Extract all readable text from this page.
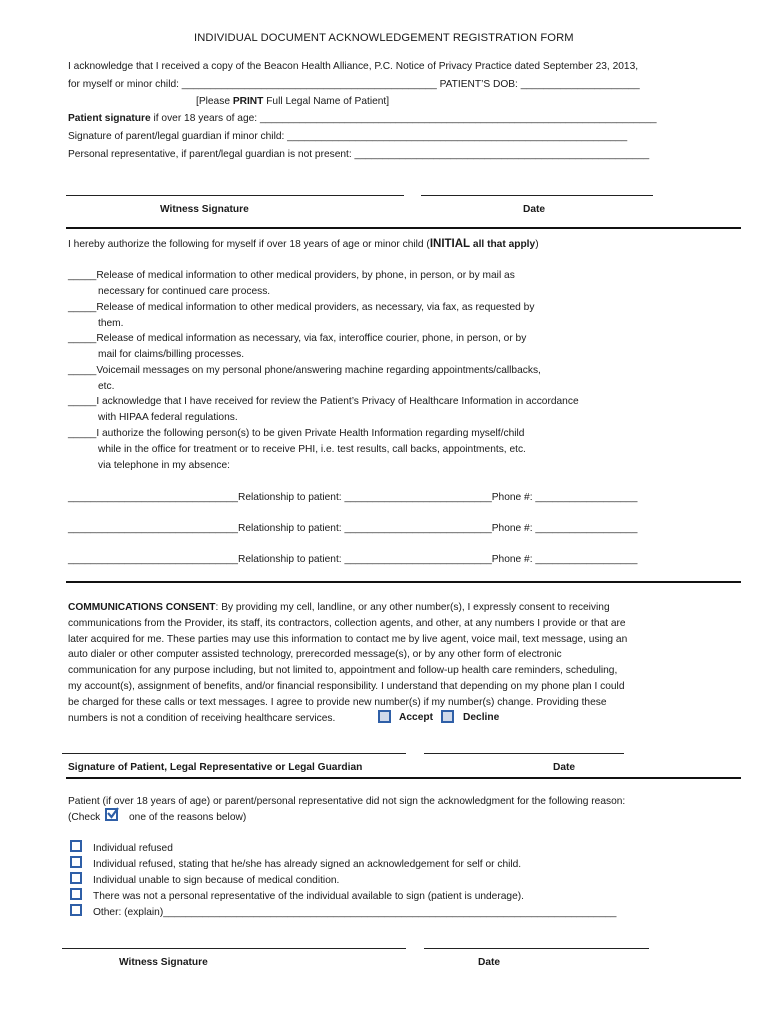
INDIVIDUAL DOCUMENT ACKNOWLEDGEMENT REGISTRATION FORM
I acknowledge that I received a copy of the Beacon Health Alliance, P.C. Notice of Privacy Practice dated September 23, 2013,
for myself or minor child: _____________________________________________ PATIENT’S DOB: _____________________
[Please PRINT Full Legal Name of Patient]
Patient signature if over 18 years of age: ______________________________________________________________________
Signature of parent/legal guardian if minor child: ____________________________________________________________
Personal representative, if parent/legal guardian is not present: ____________________________________________________
Witness Signature	Date
I hereby authorize the following for myself if over 18 years of age or minor child (INITIAL all that apply)
_____Release of medical information to other medical providers, by phone, in person, or by mail as
necessary for continued care process.
_____Release of medical information to other medical providers, as necessary, via fax, as requested by
them.
_____Release of medical information as necessary, via fax, interoffice courier, phone, in person, or by
mail for claims/billing processes.
_____Voicemail messages on my personal phone/answering machine regarding appointments/callbacks,
etc.
_____I acknowledge that I have received for review the Patient’s Privacy of Healthcare Information in accordance
with HIPAA federal regulations.
_____I authorize the following person(s) to be given Private Health Information regarding myself/child
while in the office for treatment or to receive PHI, i.e. test results, call backs, appointments, etc.
via telephone in my absence:
______________________________Relationship to patient: __________________________Phone #: __________________
______________________________Relationship to patient: __________________________Phone #: __________________
______________________________Relationship to patient: __________________________Phone #: __________________
COMMUNICATIONS CONSENT: By providing my cell, landline, or any other number(s), I expressly consent to receiving
communications from the Provider, its staff, its contractors, collection agents, and other, at any numbers I provide or that are
later acquired for me. These parties may use this information to contact me by live agent, voice mail, text message, using an
auto dialer or other computer assisted technology, prerecorded message(s), or by any other form of electronic
communication for any purpose including, but not limited to, appointment and follow-up health care reminders, scheduling,
my account(s), assignment of benefits, and/or financial responsibility. I understand that depending on my phone plan I could
be charged for these calls or text messages. I agree to provide new number(s) if my number(s) change. Providing these
numbers is not a condition of receiving healthcare services.	Accept	Decline
Signature of Patient, Legal Representative or Legal Guardian	Date
Patient (if over 18 years of age) or parent/personal representative did not sign the acknowledgment for the following reason:
(Check	one of the reasons below)
Individual refused
Individual refused, stating that he/she has already signed an acknowledgement for self or child.
Individual unable to sign because of medical condition.
There was not a personal representative of the individual available to sign (patient is underage).
Other: (explain)________________________________________________________________________________
Witness Signature	Date
